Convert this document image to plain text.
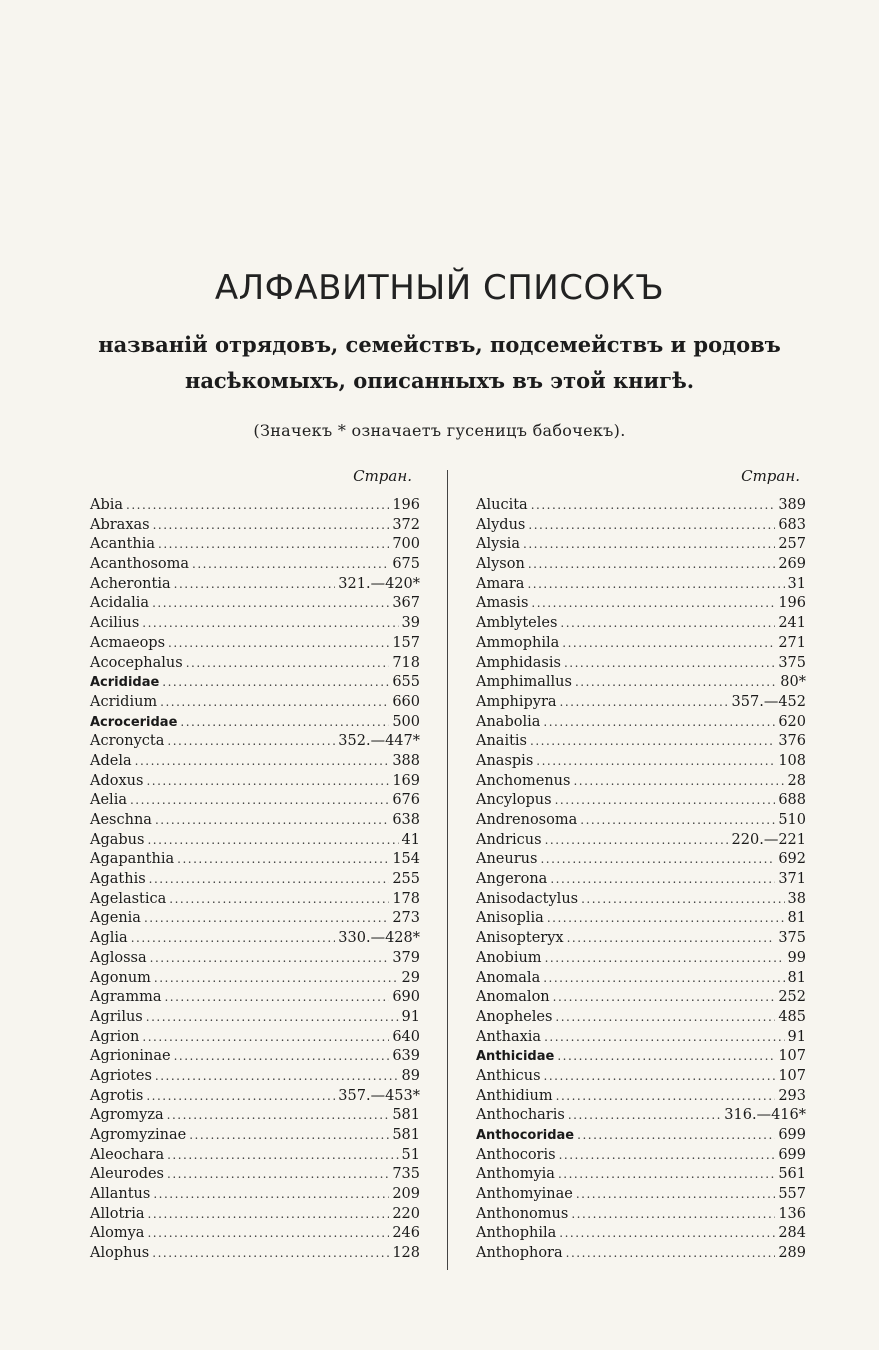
АЛФАВИТНЫЙ СПИСОКЪ

названій отрядовъ, семействъ, подсемействъ и родовъ

насѣкомыхъ, описанныхъ въ этой книгѣ.

(Значекъ * означаетъ гусеницъ бабочекъ).

Стран.
Abia .....	196
Abraxas .....	372
Acanthia .....	700
Acanthosoma .....	675
Acherontia .....	321.—420*
Acidalia .....	367
Acilius .....	39
Acmaeops .....	157
Acocephalus .....	718
Acrididae .....	655
Acridium .....	660
Acroceridae .....	500
Acronycta .....	352.—447*
Adela .....	388
Adoxus .....	169
Aelia .....	676
Aeschna .....	638
Agabus .....	41
Agapanthia .....	154
Agathis .....	255
Agelastica .....	178
Agenia .....	273
Aglia .....	330.—428*
Aglossa .....	379
Agonum .....	29
Agramma .....	690
Agrilus .....	91
Agrion .....	640
Agrioninae .....	639
Agriotes .....	89
Agrotis .....	357.—453*
Agromyza .....	581
Agromyzinae .....	581
Aleochara .....	51
Aleurodes .....	735
Allantus .....	209
Allotria .....	220
Alomya .....	246
Alophus .....	128
Стран.
Alucita .....	389
Alydus .....	683
Alysia .....	257
Alyson .....	269
Amara .....	31
Amasis .....	196
Amblyteles .....	241
Ammophila .....	271
Amphidasis .....	375
Amphimallus .....	80*
Amphipyra .....	357.—452
Anabolia .....	620
Anaitis .....	376
Anaspis .....	108
Anchomenus .....	28
Ancylopus .....	688
Andrenosoma .....	510
Andricus .....	220.—221
Aneurus .....	692
Angerona .....	371
Anisodactylus .....	38
Anisoplia .....	81
Anisopteryx .....	375
Anobium .....	99
Anomala .....	81
Anomalon .....	252
Anopheles .....	485
Anthaxia .....	91
Anthicidae .....	107
Anthicus .....	107
Anthidium .....	293
Anthocharis .....	316.—416*
Anthocoridae .....	699
Anthocoris .....	699
Anthomyia .....	561
Anthomyinae .....	557
Anthonomus .....	136
Anthophila .....	284
Anthophora .....	289
